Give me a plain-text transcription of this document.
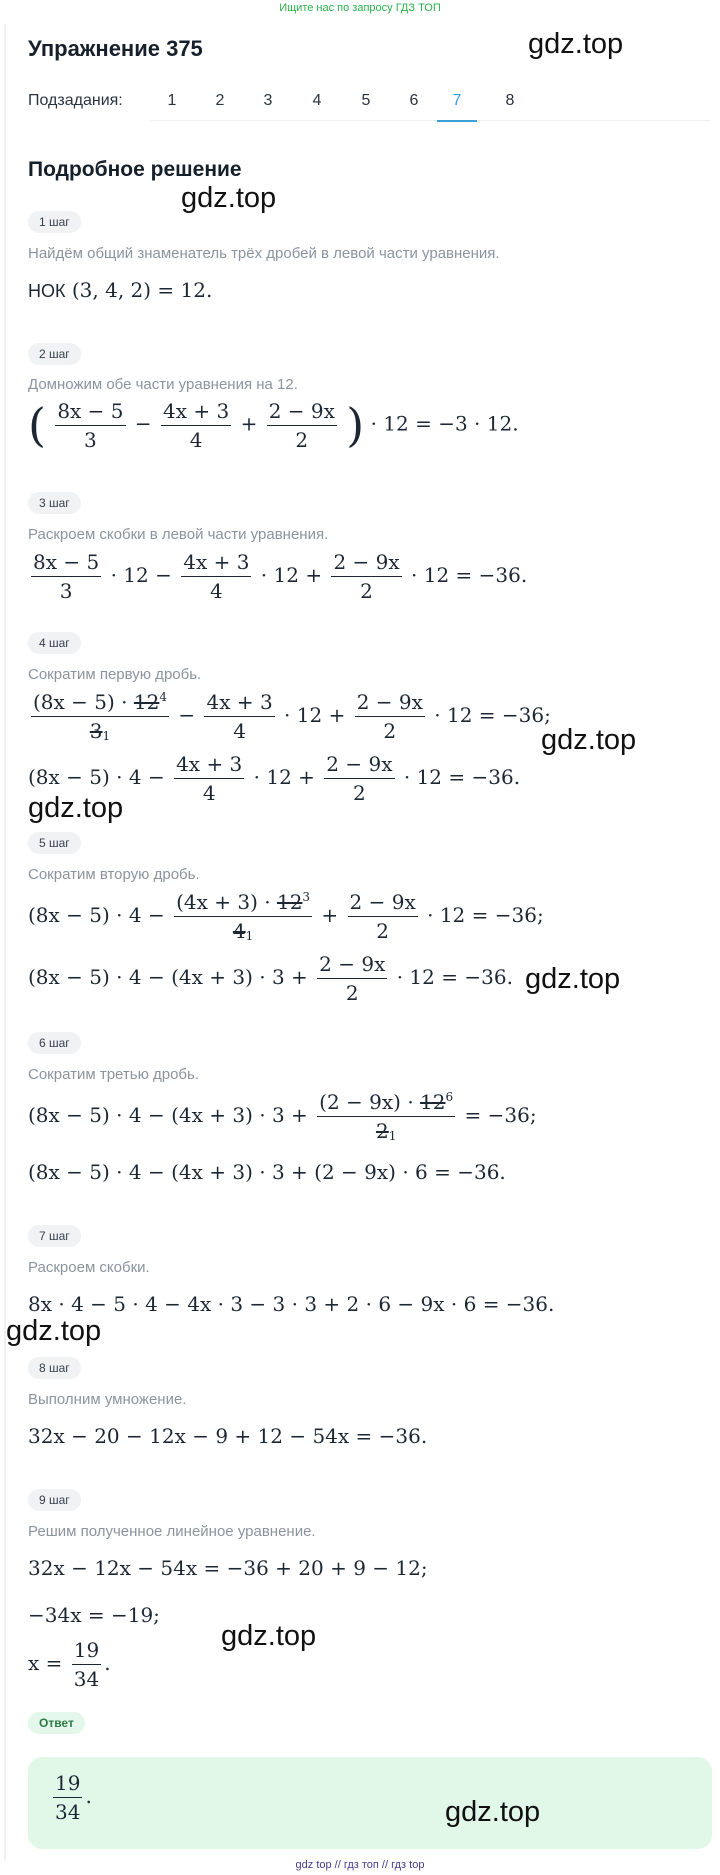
Ищите нас по запросу ГДЗ ТОП
Упражнение 375
Подзадания:	1	2	3	4	5	6	7	8
Подробное решение
1 шаг
Найдём общий знаменатель трёх дробей в левой части уравнения.
НОК (3, 4, 2) = 12.
2 шаг
Домножим обе части уравнения на 12.
( $\frac{8x - 5}{3} - \frac{4x + 3}{4} + \frac{2 - 9x}{2}$ ) · 12 = −3 · 12.
3 шаг
Раскроем скобки в левой части уравнения.
$\frac{8x - 5}{3} \cdot 12 - \frac{4x + 3}{4} \cdot 12 + \frac{2 - 9x}{2} \cdot 12 = -36$.
4 шаг
Сократим первую дробь.
$\frac{(8x - 5) \cdot 12^4}{31} - \frac{4x + 3}{4} \cdot 12 + \frac{2 - 9x}{2} \cdot 12 = -36$;
$(8x - 5) \cdot 4 - \frac{4x + 3}{4} \cdot 12 + \frac{2 - 9x}{2} \cdot 12 = -36$.
5 шаг
Сократим вторую дробь.
$(8x - 5) \cdot 4 - \frac{(4x + 3) \cdot 12^3}{41} + \frac{2 - 9x}{2} \cdot 12 = -36$;
$(8x - 5) \cdot 4 - (4x + 3) \cdot 3 + \frac{2 - 9x}{2} \cdot 12 = -36$.
6 шаг
Сократим третью дробь.
$(8x - 5) \cdot 4 - (4x + 3) \cdot 3 + \frac{(2 - 9x) \cdot 12^6}{21} = -36$;
(8x − 5) · 4 − (4x + 3) · 3 + (2 − 9x) · 6 = −36.
7 шаг
Раскроем скобки.
8x · 4 − 5 · 4 − 4x · 3 − 3 · 3 + 2 · 6 − 9x · 6 = −36.
8 шаг
Выполним умножение.
32x − 20 − 12x − 9 + 12 − 54x = −36.
9 шаг
Решим полученное линейное уравнение.
32x − 12x − 54x = −36 + 20 + 9 − 12;
−34x = −19;
$x = \frac{19}{34}$ .
Ответ
$\frac{19}{34}$ .
gdz.top
gdz.top
gdz.top
gdz.top
gdz.top
gdz.top
gdz.top
gdz.top
gdz top // гдз топ // гдз top
